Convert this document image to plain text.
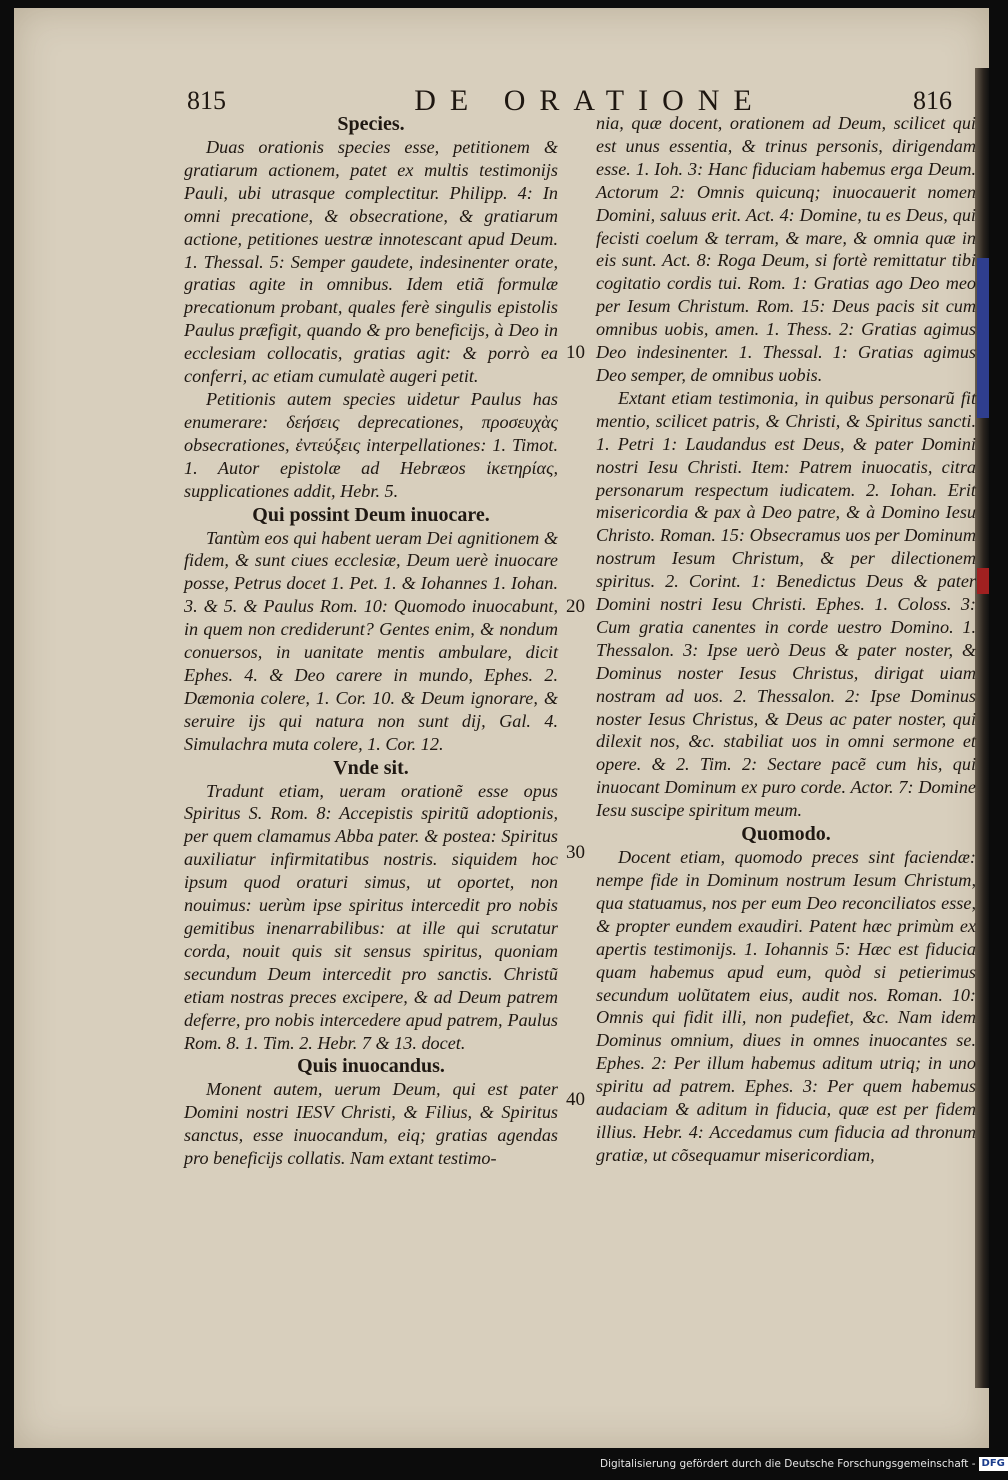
815	DE ORATIONE	816
Species.

Duas orationis species esse, petitionem & gratiarum actionem, patet ex multis testimonijs Pauli, ubi utrasque complectitur. Philipp. 4: In omni precatione, & obsecratione, & gratiarum actione, petitiones uestræ innotescant apud Deum. 1. Thessal. 5: Semper gaudete, indesinenter orate, gratias agite in omnibus. Idem etiã formulæ precationum probant, quales ferè singulis epistolis Paulus præfigit, quando & pro beneficijs, à Deo in ecclesiam collocatis, gratias agit: & porrò ea conferri, ac etiam cumulatè augeri petit.

Petitionis autem species uidetur Paulus has enumerare: δεήσεις deprecationes, προσευχὰς obsecrationes, ἐντεύξεις interpellationes: 1. Timot. 1. Autor epistolæ ad Hebræos ἱκετηρίας, supplicationes addit, Hebr. 5.

Qui possint Deum inuocare.

Tantùm eos qui habent ueram Dei agnitionem & fidem, & sunt ciues ecclesiæ, Deum uerè inuocare posse, Petrus docet 1. Pet. 1. & Iohannes 1. Iohan. 3. & 5. & Paulus Rom. 10: Quomodo inuocabunt, in quem non crediderunt? Gentes enim, & nondum conuersos, in uanitate mentis ambulare, dicit Ephes. 4. & Deo carere in mundo, Ephes. 2. Dæmonia colere, 1. Cor. 10. & Deum ignorare, & seruire ijs qui natura non sunt dij, Gal. 4. Simulachra muta colere, 1. Cor. 12.

Vnde sit.

Tradunt etiam, ueram orationẽ esse opus Spiritus S. Rom. 8: Accepistis spiritũ adoptionis, per quem clamamus Abba pater. & postea: Spiritus auxiliatur infirmitatibus nostris. siquidem hoc ipsum quod oraturi simus, ut oportet, non nouimus: uerùm ipse spiritus intercedit pro nobis gemitibus inenarrabilibus: at ille qui scrutatur corda, nouit quis sit sensus spiritus, quoniam secundum Deum intercedit pro sanctis. Christũ etiam nostras preces excipere, & ad Deum patrem deferre, pro nobis intercedere apud patrem, Paulus Rom. 8. 1. Tim. 2. Hebr. 7 & 13. docet.

Quis inuocandus.

Monent autem, uerum Deum, qui est pater Domini nostri IESV Christi, & Filius, & Spiritus sanctus, esse inuocandum, eiq; gratias agendas pro beneficijs collatis. Nam extant testimo-

10
20
30
40

nia, quæ docent, orationem ad Deum, scilicet qui est unus essentia, & trinus personis, dirigendam esse. 1. Ioh. 3: Hanc fiduciam habemus erga Deum. Actorum 2: Omnis quicunq; inuocauerit nomen Domini, saluus erit. Act. 4: Domine, tu es Deus, qui fecisti coelum & terram, & mare, & omnia quæ in eis sunt. Act. 8: Roga Deum, si fortè remittatur tibi cogitatio cordis tui. Rom. 1: Gratias ago Deo meo per Iesum Christum. Rom. 15: Deus pacis sit cum omnibus uobis, amen. 1. Thess. 2: Gratias agimus Deo indesinenter. 1. Thessal. 1: Gratias agimus Deo semper, de omnibus uobis.

Extant etiam testimonia, in quibus personarũ fit mentio, scilicet patris, & Christi, & Spiritus sancti. 1. Petri 1: Laudandus est Deus, & pater Domini nostri Iesu Christi. Item: Patrem inuocatis, citra personarum respectum iudicatem. 2. Iohan. Erit misericordia & pax à Deo patre, & à Domino Iesu Christo. Roman. 15: Obsecramus uos per Dominum nostrum Iesum Christum, & per dilectionem spiritus. 2. Corint. 1: Benedictus Deus & pater Domini nostri Iesu Christi. Ephes. 1. Coloss. 3: Cum gratia canentes in corde uestro Domino. 1. Thessalon. 3: Ipse uerò Deus & pater noster, & Dominus noster Iesus Christus, dirigat uiam nostram ad uos. 2. Thessalon. 2: Ipse Dominus noster Iesus Christus, & Deus ac pater noster, qui dilexit nos, &c. stabiliat uos in omni sermone et opere. & 2. Tim. 2: Sectare pacẽ cum his, qui inuocant Dominum ex puro corde. Actor. 7: Domine Iesu suscipe spiritum meum.

Quomodo.

Docent etiam, quomodo preces sint faciendæ: nempe fide in Dominum nostrum Iesum Christum, qua statuamus, nos per eum Deo reconciliatos esse, & propter eundem exaudiri. Patent hæc primùm ex apertis testimonijs. 1. Iohannis 5: Hæc est fiducia quam habemus apud eum, quòd si petierimus secundum uolũtatem eius, audit nos. Roman. 10: Omnis qui fidit illi, non pudefiet, &c. Nam idem Dominus omnium, diues in omnes inuocantes se. Ephes. 2: Per illum habemus aditum utriq; in uno spiritu ad patrem. Ephes. 3: Per quem habemus audaciam & aditum in fiducia, quæ est per fidem illius. Hebr. 4: Accedamus cum fiducia ad thronum gratiæ, ut cõsequamur misericordiam,

Digitalisierung gefördert durch die Deutsche Forschungsgemeinschaft - DFG
